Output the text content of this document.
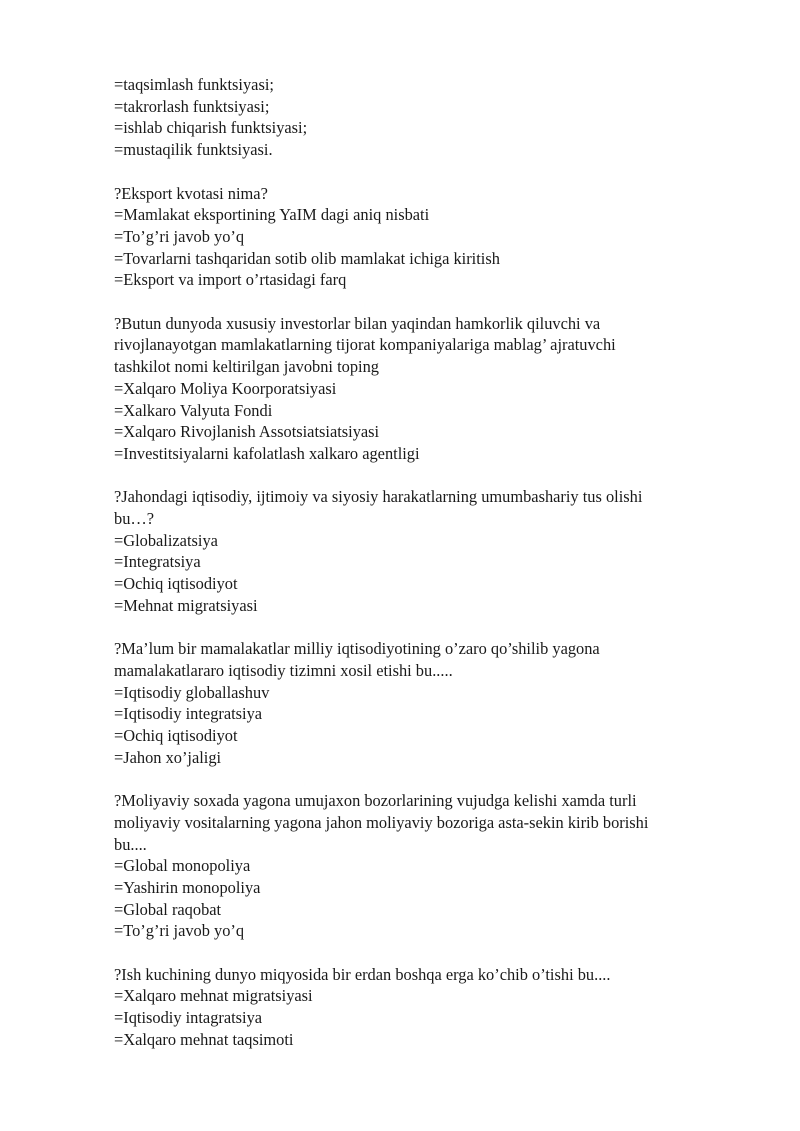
=taqsimlash funktsiyasi;
=takrorlash funktsiyasi;
=ishlab chiqarish funktsiyasi;
=mustaqilik funktsiyasi.
?Eksport kvotasi nima?
=Mamlakat eksportining YaIM dagi aniq nisbati
=To’g’ri javob yo’q
=Tovarlarni tashqaridan sotib olib mamlakat ichiga kiritish
=Eksport va import o’rtasidagi farq
?Butun dunyoda xususiy investorlar bilan yaqindan hamkorlik qiluvchi va
rivojlanayotgan mamlakatlarning tijorat kompaniyalariga mablag’ ajratuvchi
tashkilot nomi keltirilgan javobni toping
=Xalqaro Moliya Koorporatsiyasi
=Xalkaro Valyuta Fondi
=Xalqaro Rivojlanish Assotsiatsiatsiyasi
=Investitsiyalarni kafolatlash xalkaro agentligi
?Jahondagi iqtisodiy, ijtimoiy va siyosiy harakatlarning umumbashariy tus olishi
bu…?
=Globalizatsiya
=Integratsiya
=Ochiq iqtisodiyot
=Mehnat migratsiyasi
?Ma’lum bir mamalakatlar milliy iqtisodiyotining o’zaro qo’shilib yagona
mamalakatlararo iqtisodiy tizimni xosil etishi bu.....
=Iqtisodiy globallashuv
=Iqtisodiy integratsiya
=Ochiq iqtisodiyot
=Jahon xo’jaligi
?Moliyaviy soxada yagona umujaxon bozorlarining vujudga kelishi xamda turli
moliyaviy vositalarning yagona jahon moliyaviy bozoriga asta-sekin kirib borishi
bu....
=Global monopoliya
=Yashirin monopoliya
=Global raqobat
=To’g’ri javob yo’q
?Ish kuchining dunyo miqyosida bir erdan boshqa erga ko’chib o’tishi bu....
=Xalqaro mehnat migratsiyasi
=Iqtisodiy intagratsiya
=Xalqaro mehnat taqsimoti
